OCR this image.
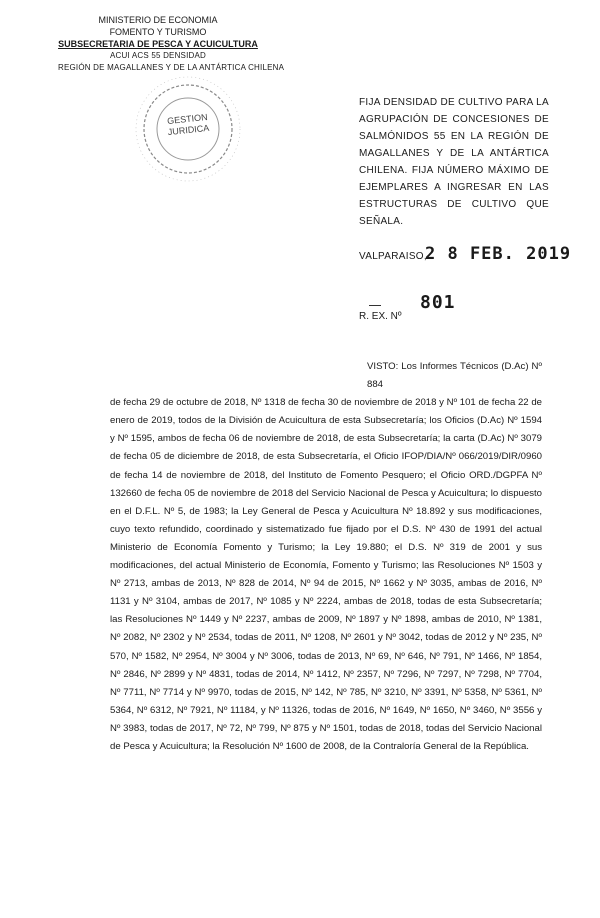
MINISTERIO DE ECONOMIA
FOMENTO Y TURISMO
SUBSECRETARIA DE PESCA Y ACUICULTURA
ACUI ACS 55 DENSIDAD
REGIÓN DE MAGALLANES Y DE LA ANTÁRTICA CHILENA
GESTION
JURIDICA
FIJA DENSIDAD DE CULTIVO PARA LA AGRUPACIÓN DE CONCESIONES DE SALMÓNIDOS 55 EN LA REGIÓN DE MAGALLANES Y DE LA ANTÁRTICA CHILENA. FIJA NÚMERO MÁXIMO DE EJEMPLARES A INGRESAR EN LAS ESTRUCTURAS DE CULTIVO QUE SEÑALA.
VALPARAISO,
2 8 FEB. 2019
801
R. EX. Nº
VISTO: Los Informes Técnicos (D.Ac) Nº 884
de fecha 29 de octubre de 2018, Nº 1318 de fecha 30 de noviembre de 2018 y Nº 101 de fecha 22 de enero de 2019, todos de la División de Acuicultura de esta Subsecretaría; los Oficios (D.Ac) Nº 1594 y Nº 1595, ambos de fecha 06 de noviembre de 2018, de esta Subsecretaría; la carta (D.Ac) Nº 3079 de fecha 05 de diciembre de 2018, de esta Subsecretaría, el Oficio IFOP/DIA/Nº 066/2019/DIR/0960 de fecha 14 de noviembre de 2018, del Instituto de Fomento Pesquero; el Oficio ORD./DGPFA Nº 132660 de fecha 05 de noviembre de 2018 del Servicio Nacional de Pesca y Acuicultura; lo dispuesto en el D.F.L. Nº 5, de 1983; la Ley General de Pesca y Acuicultura Nº 18.892 y sus modificaciones, cuyo texto refundido, coordinado y sistematizado fue fijado por el D.S. Nº 430 de 1991 del actual Ministerio de Economía Fomento y Turismo; la Ley 19.880; el D.S. Nº 319 de 2001 y sus modificaciones, del actual Ministerio de Economía, Fomento y Turismo; las Resoluciones Nº 1503 y Nº 2713, ambas de 2013, Nº 828 de 2014, Nº 94 de 2015, Nº 1662 y Nº 3035, ambas de 2016, Nº 1131 y Nº 3104, ambas de 2017, Nº 1085 y Nº 2224, ambas de 2018, todas de esta Subsecretaría; las Resoluciones Nº 1449 y Nº 2237, ambas de 2009, Nº 1897 y Nº 1898, ambas de 2010, Nº 1381, Nº 2082, Nº 2302 y Nº 2534, todas de 2011, Nº 1208, Nº 2601 y Nº 3042, todas de 2012 y Nº 235, Nº 570, Nº 1582, Nº 2954, Nº 3004 y Nº 3006, todas de 2013, Nº 69, Nº 646, Nº 791, Nº 1466, Nº 1854, Nº 2846, Nº 2899 y Nº 4831, todas de 2014, Nº 1412, Nº 2357, Nº 7296, Nº 7297, Nº 7298, Nº 7704, Nº 7711, Nº 7714 y Nº 9970, todas de 2015, Nº 142, Nº 785, Nº 3210, Nº 3391, Nº 5358, Nº 5361, Nº 5364, Nº 6312, Nº 7921, Nº 11184, y Nº 11326, todas de 2016, Nº 1649, Nº 1650, Nº 3460, Nº 3556 y Nº 3983, todas de 2017, Nº 72, Nº 799, Nº 875 y Nº 1501, todas de 2018, todas del Servicio Nacional de Pesca y Acuicultura; la Resolución Nº 1600 de 2008, de la Contraloría General de la República.
